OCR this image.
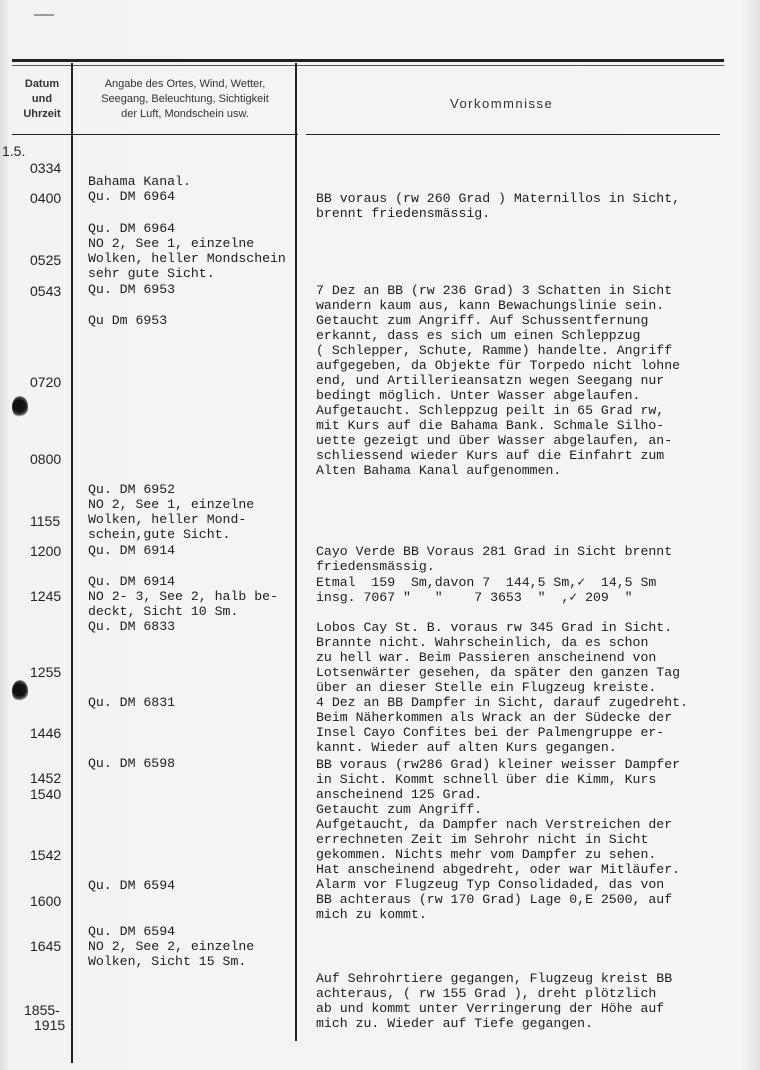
Datum
und
Uhrzeit
Angabe des Ortes, Wind, Wetter,
Seegang, Beleuchtung, Sichtigkeit
der Luft, Mondschein usw.
Vorkommnisse
1.5.
0334
0400
0525
0543
0720
0800
1155
1200
1245
1255
1446
1452
1540
1542
1600
1645
1855-
1915

Bahama Kanal.
Qu. DM 6964

Qu. DM 6964
NO 2, See 1, einzelne
Wolken, heller Mondschein
sehr gute Sicht.

Qu. DM 6953

Qu Dm 6953

Qu. DM 6952
NO 2, See 1, einzelne
Wolken, heller Mond-
schein,gute Sicht.

Qu. DM 6914

Qu. DM 6914
NO 2- 3, See 2, halb be-
deckt, Sicht 10 Sm.

Qu. DM 6833

Qu. DM 6831

Qu. DM 6598

Qu. DM 6594

Qu. DM 6594
NO 2, See 2, einzelne
Wolken, Sicht 15 Sm.

BB voraus (rw 260 Grad ) Maternillos in Sicht,
brennt friedensmässig.

7 Dez an BB (rw 236 Grad) 3 Schatten in Sicht
wandern kaum aus, kann Bewachungslinie sein.
Getaucht zum Angriff. Auf Schussentfernung
erkannt, dass es sich um einen Schleppzug
( Schlepper, Schute, Ramme) handelte. Angriff
aufgegeben, da Objekte für Torpedo nicht lohne
end, und Artillerieansatzn wegen Seegang nur
bedingt möglich. Unter Wasser abgelaufen.
Aufgetaucht. Schleppzug peilt in 65 Grad rw,
mit Kurs auf die Bahama Bank. Schmale Silho-
uette gezeigt und über Wasser abgelaufen, an-
schliessend wieder Kurs auf die Einfahrt zum
Alten Bahama Kanal aufgenommen.

Cayo Verde BB Voraus 281 Grad in Sicht brennt
friedensmässig.

Etmal  159  Sm,davon 7  144,5 Sm,✓  14,5 Sm
insg. 7067 "   "    7 3653  "  ,✓ 209  "

Lobos Cay St. B. voraus rw 345 Grad in Sicht.
Brannte nicht. Wahrscheinlich, da es schon
zu hell war. Beim Passieren anscheinend von
Lotsenwärter gesehen, da später den ganzen Tag
über an dieser Stelle ein Flugzeug kreiste.
4 Dez an BB Dampfer in Sicht, darauf zugedreht.
Beim Näherkommen als Wrack an der Südecke der
Insel Cayo Confites bei der Palmengruppe er-
kannt. Wieder auf alten Kurs gegangen.

BB voraus (rw286 Grad) kleiner weisser Dampfer
in Sicht. Kommt schnell über die Kimm, Kurs
anscheinend 125 Grad.

Getaucht zum Angriff.
Aufgetaucht, da Dampfer nach Verstreichen der
errechneten Zeit im Sehrohr nicht in Sicht
gekommen. Nichts mehr vom Dampfer zu sehen.
Hat anscheinend abgedreht, oder war Mitläufer.
Alarm vor Flugzeug Typ Consolidaded, das von
BB achteraus (rw 170 Grad) Lage 0,E 2500, auf
mich zu kommt.

Auf Sehrohrtiere gegangen, Flugzeug kreist BB
achteraus, ( rw 155 Grad ), dreht plötzlich
ab und kommt unter Verringerung der Höhe auf
mich zu. Wieder auf Tiefe gegangen.
